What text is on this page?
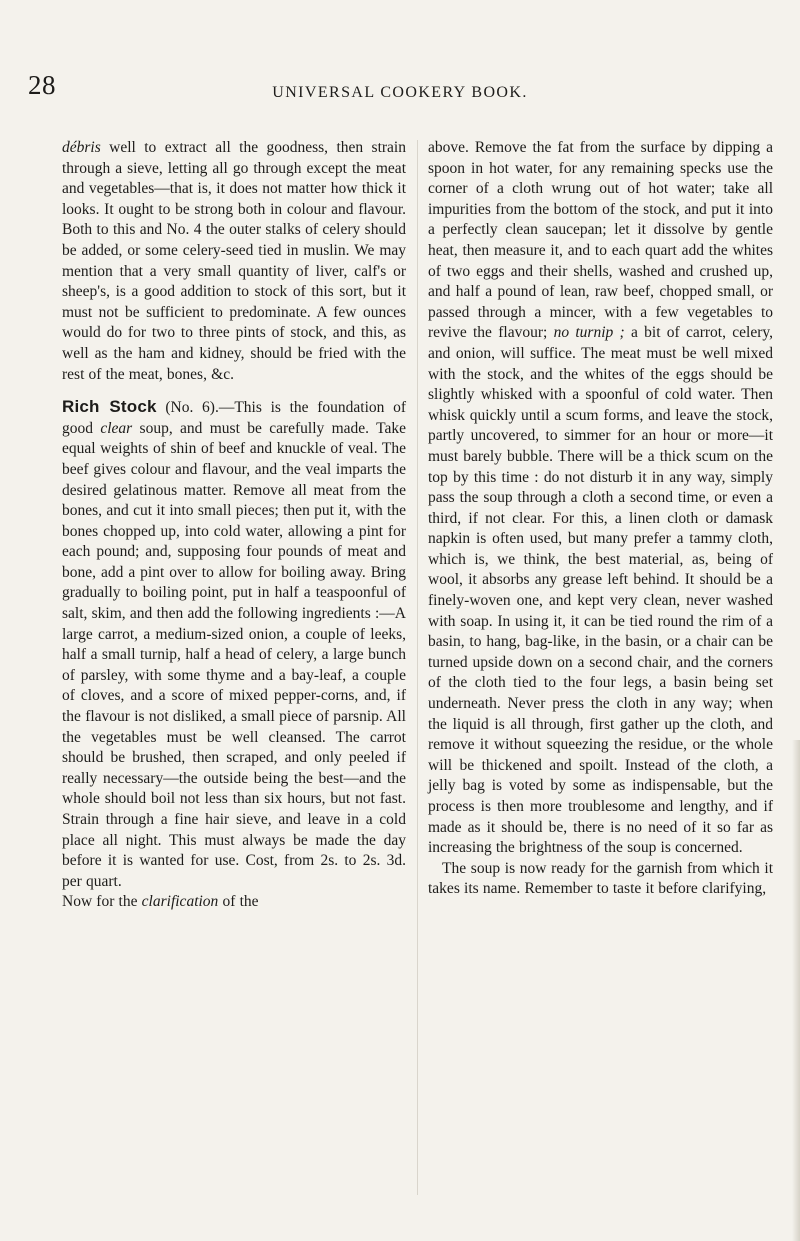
28	UNIVERSAL COOKERY BOOK.

débris well to extract all the goodness, then strain through a sieve, letting all go through except the meat and vegetables—that is, it does not matter how thick it looks. It ought to be strong both in colour and flavour. Both to this and No. 4 the outer stalks of celery should be added, or some celery-seed tied in muslin. We may mention that a very small quantity of liver, calf's or sheep's, is a good addition to stock of this sort, but it must not be sufficient to predominate. A few ounces would do for two to three pints of stock, and this, as well as the ham and kidney, should be fried with the rest of the meat, bones, &c.

Rich Stock (No. 6).—This is the foundation of good clear soup, and must be carefully made. Take equal weights of shin of beef and knuckle of veal. The beef gives colour and flavour, and the veal imparts the desired gelatinous matter. Remove all meat from the bones, and cut it into small pieces; then put it, with the bones chopped up, into cold water, allowing a pint for each pound; and, supposing four pounds of meat and bone, add a pint over to allow for boiling away. Bring gradually to boiling point, put in half a teaspoonful of salt, skim, and then add the following ingredients :—A large carrot, a medium-sized onion, a couple of leeks, half a small turnip, half a head of celery, a large bunch of parsley, with some thyme and a bay-leaf, a couple of cloves, and a score of mixed pepper-corns, and, if the flavour is not disliked, a small piece of parsnip. All the vegetables must be well cleansed. The carrot should be brushed, then scraped, and only peeled if really necessary—the outside being the best—and the whole should boil not less than six hours, but not fast. Strain through a fine hair sieve, and leave in a cold place all night. This must always be made the day before it is wanted for use. Cost, from 2s. to 2s. 3d. per quart.

Now for the clarification of the

above. Remove the fat from the surface by dipping a spoon in hot water, for any remaining specks use the corner of a cloth wrung out of hot water; take all impurities from the bottom of the stock, and put it into a perfectly clean saucepan; let it dissolve by gentle heat, then measure it, and to each quart add the whites of two eggs and their shells, washed and crushed up, and half a pound of lean, raw beef, chopped small, or passed through a mincer, with a few vegetables to revive the flavour; no turnip ; a bit of carrot, celery, and onion, will suffice. The meat must be well mixed with the stock, and the whites of the eggs should be slightly whisked with a spoonful of cold water. Then whisk quickly until a scum forms, and leave the stock, partly uncovered, to simmer for an hour or more—it must barely bubble. There will be a thick scum on the top by this time : do not disturb it in any way, simply pass the soup through a cloth a second time, or even a third, if not clear. For this, a linen cloth or damask napkin is often used, but many prefer a tammy cloth, which is, we think, the best material, as, being of wool, it absorbs any grease left behind. It should be a finely-woven one, and kept very clean, never washed with soap. In using it, it can be tied round the rim of a basin, to hang, bag-like, in the basin, or a chair can be turned upside down on a second chair, and the corners of the cloth tied to the four legs, a basin being set underneath. Never press the cloth in any way; when the liquid is all through, first gather up the cloth, and remove it without squeezing the residue, or the whole will be thickened and spoilt. Instead of the cloth, a jelly bag is voted by some as indispensable, but the process is then more troublesome and lengthy, and if made as it should be, there is no need of it so far as increasing the brightness of the soup is concerned.

The soup is now ready for the garnish from which it takes its name. Remember to taste it before clarifying,
